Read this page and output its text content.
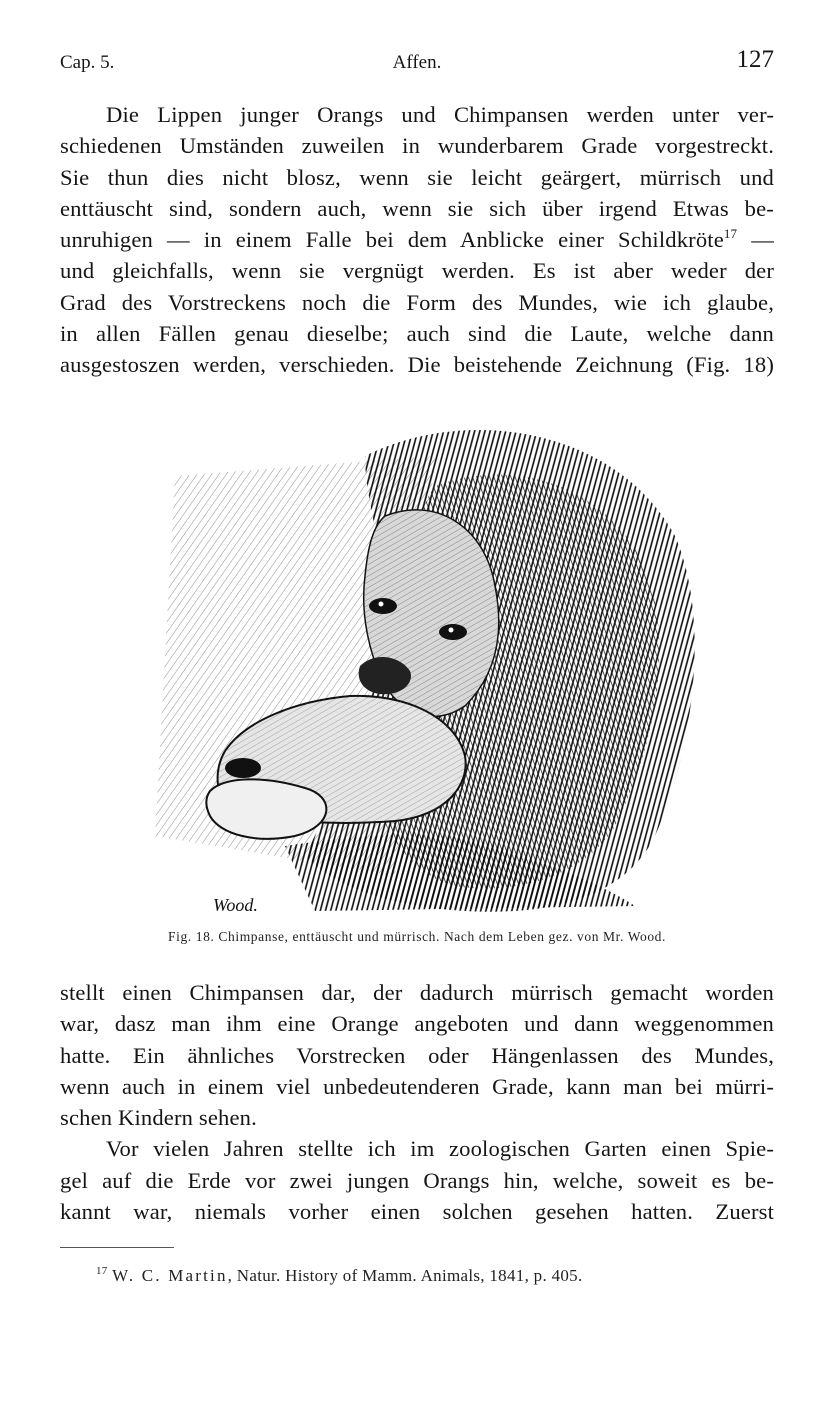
Cap. 5.	Affen.	127
Die Lippen junger Orangs und Chimpansen werden unter ver-
schiedenen Umständen zuweilen in wunderbarem Grade vorgestreckt.
Sie thun dies nicht blosz, wenn sie leicht geärgert, mürrisch und
enttäuscht sind, sondern auch, wenn sie sich über irgend Etwas be-
unruhigen — in einem Falle bei dem Anblicke einer Schildkröte$^{17}$ —
und gleichfalls, wenn sie vergnügt werden. Es ist aber weder der
Grad des Vorstreckens noch die Form des Mundes, wie ich glaube,
in allen Fällen genau dieselbe; auch sind die Laute, welche dann
ausgestoszen werden, verschieden. Die beistehende Zeichnung (Fig. 18)
Wood.
Fig. 18. Chimpanse, enttäuscht und mürrisch. Nach dem Leben gez. von Mr. Wood.
stellt einen Chimpansen dar, der dadurch mürrisch gemacht worden
war, dasz man ihm eine Orange angeboten und dann weggenommen
hatte. Ein ähnliches Vorstrecken oder Hängenlassen des Mundes,
wenn auch in einem viel unbedeutenderen Grade, kann man bei mürri-
schen Kindern sehen.
Vor vielen Jahren stellte ich im zoologischen Garten einen Spie-
gel auf die Erde vor zwei jungen Orangs hin, welche, soweit es be-
kannt war, niemals vorher einen solchen gesehen hatten. Zuerst
$^{17}$ W. C. Martin, Natur. History of Mamm. Animals, 1841, p. 405.
